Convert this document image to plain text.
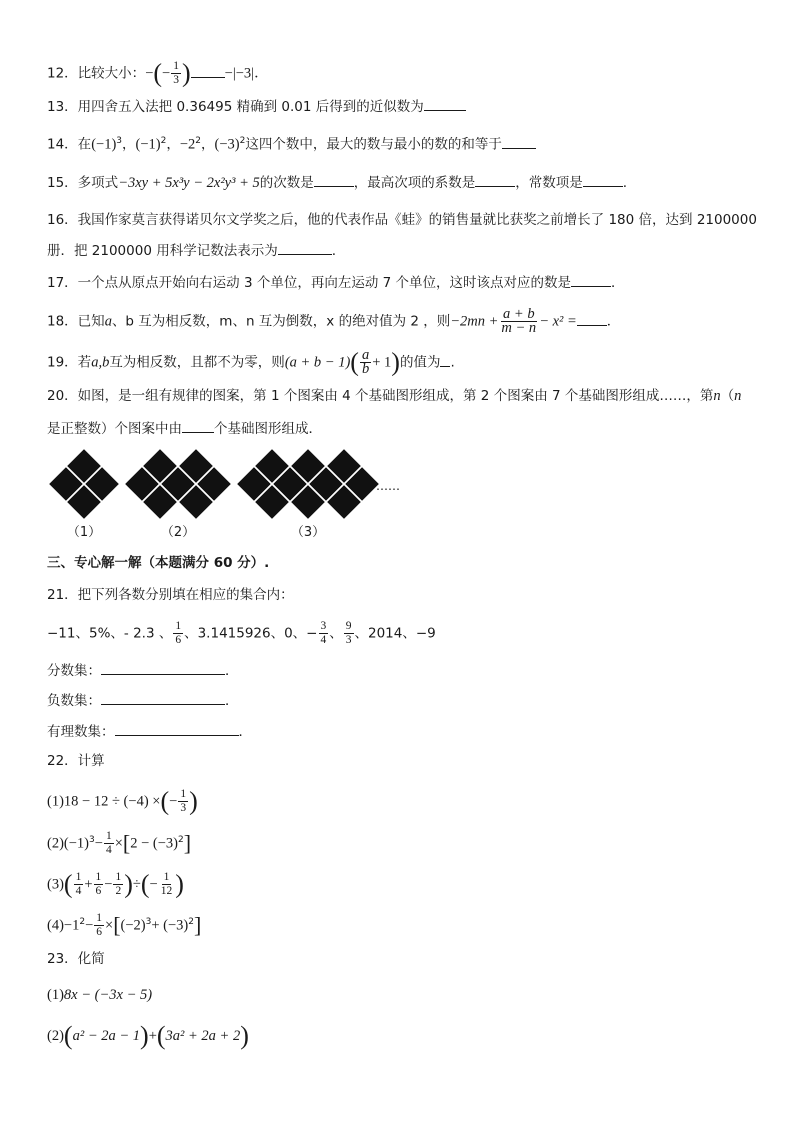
12．比较大小：−(− $\frac{1}{3}$ ) −|−3|．
13．用四舍五入法把 0.36495 精确到 0.01 后得到的近似数为
14．在$(-1)^3$，$(-1)^2$，$-2^2$，$(-3)^2$这四个数中，最大的数与最小的数的和等于
15．多项式−3xy + 5x³y − 2x²y³ + 5的次数是	，最高次项的系数是	，常数项是	.
16．我国作家莫言获得诺贝尔文学奖之后，他的代表作品《蛙》的销售量就比获奖之前增长了 180 倍，达到 2100000
册．把 2100000 用科学记数法表示为	.
17．一个点从原点开始向右运动 3 个单位，再向左运动 7 个单位，这时该点对应的数是	．
18．已知a、b 互为相反数，m、n 互为倒数，x 的绝对值为 2 ，则$-2mn + \frac{a + b}{m - n} - x^2$ = ．
19．若a,b互为相反数，且都不为零，则$(a + b - 1)( \frac{a}{b} + 1)$的值为 .
20．如图，是一组有规律的图案，第 1 个图案由 4 个基础图形组成，第 2 个图案由 7 个基础图形组成……，第n（n
是正整数）个图案中由 个基础图形组成．
（1）	（2）	（3）
……
三、专心解一解（本题满分 60 分）.
21．把下列各数分别填在相应的集合内：
−11、5%、- 2.3 、 $\frac{1}{6}$ 、3.1415926、0、− $\frac{3}{4}$ 、 $\frac{9}{3}$ 、2014、−9
分数集：	．
负数集：	．
有理数集：	．
22．计算
(1)18 − 12 ÷ (−4) ×(− $\frac{1}{3}$ )
$(2)(-1)^3- \frac{1}{4} \times[2 - (-3)^2]$
$(3)( \frac{1}{4} + \frac{1}{6} - \frac{1}{2}$ )÷(− $\frac{1}{12}$ )
$(4)-1^2- \frac{1}{6} \times[(-2)^3+ (-3)^2]$
23．化简
(1)8x − (−3x − 5)
(2)(a² − 2a − 1)+(3a² + 2a + 2)
